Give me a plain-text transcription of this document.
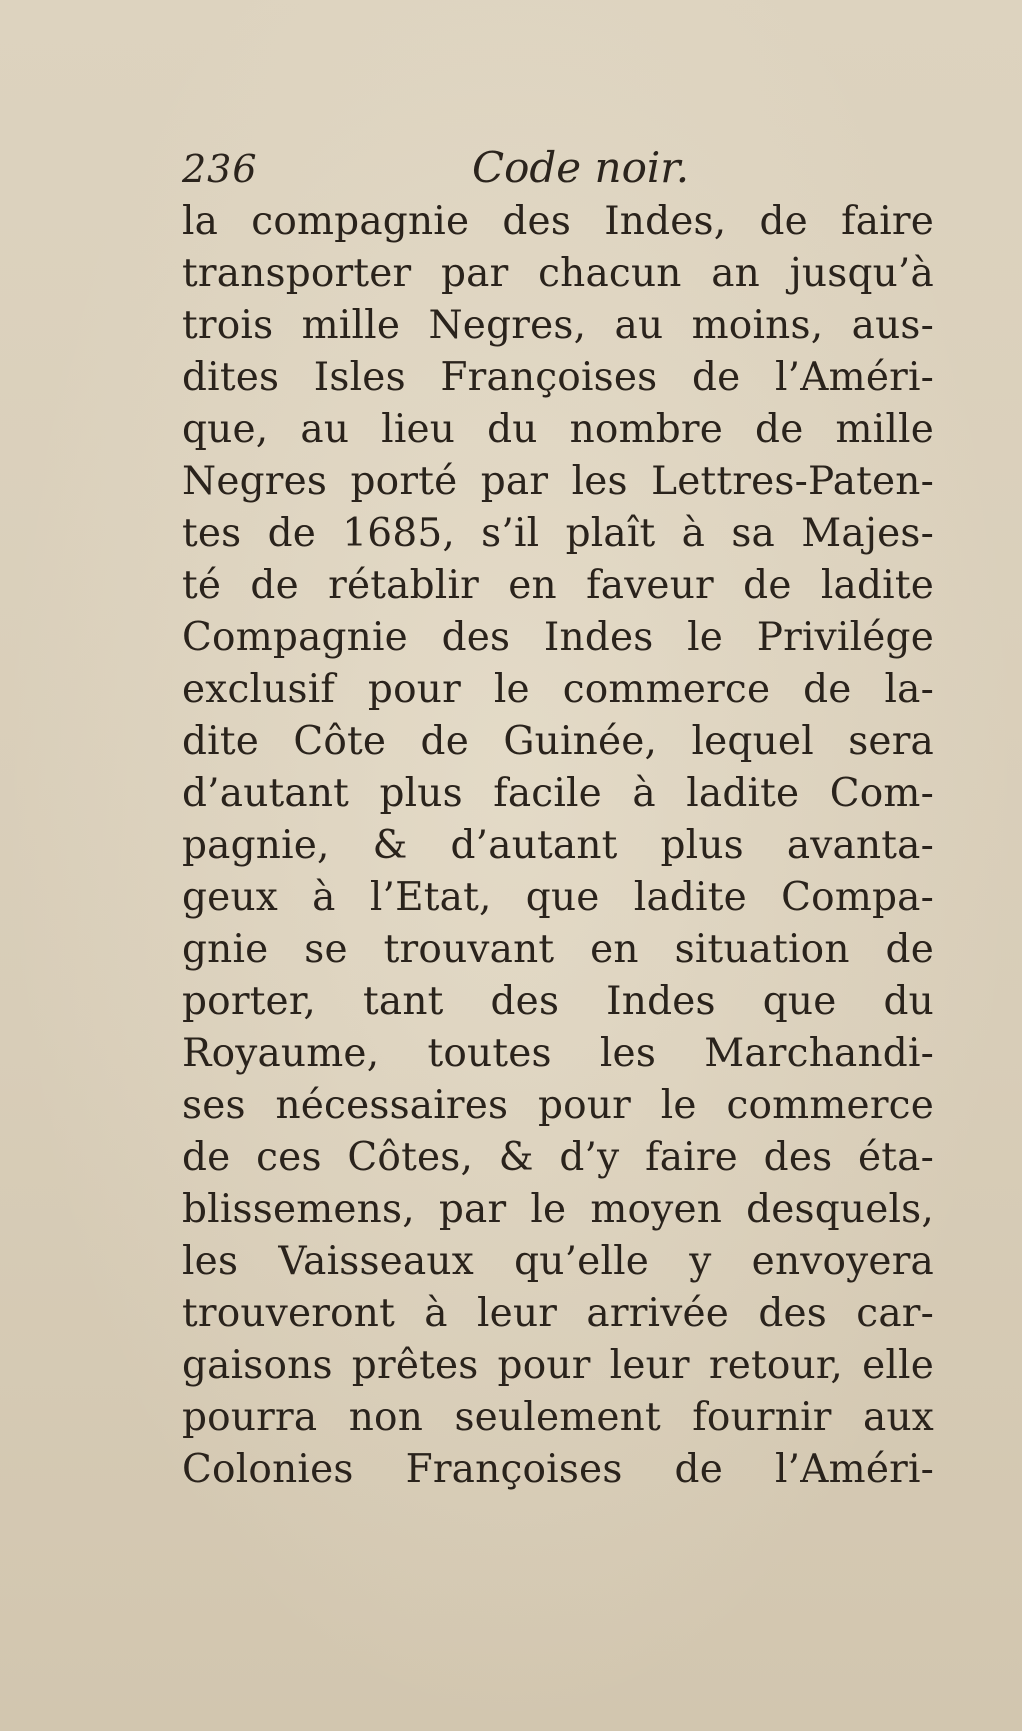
236	Code noir.
la compagnie des Indes, de faire
transporter par chacun an jusqu’à
trois mille Negres, au moins, aus-
dites Isles Françoises de l’Améri-
que, au lieu du nombre de mille
Negres porté par les Lettres-Paten-
tes de 1685, s’il plaît à sa Majes-
té de rétablir en faveur de ladite
Compagnie des Indes le Privilége
exclusif pour le commerce de la-
dite Côte de Guinée, lequel sera
d’autant plus facile à ladite Com-
pagnie, & d’autant plus avanta-
geux à l’Etat, que ladite Compa-
gnie se trouvant en situation de
porter, tant des Indes que du
Royaume, toutes les Marchandi-
ses nécessaires pour le commerce
de ces Côtes, & d’y faire des éta-
blissemens, par le moyen desquels,
les Vaisseaux qu’elle y envoyera
trouveront à leur arrivée des car-
gaisons prêtes pour leur retour, elle
pourra non seulement fournir aux
Colonies Françoises de l’Améri-
